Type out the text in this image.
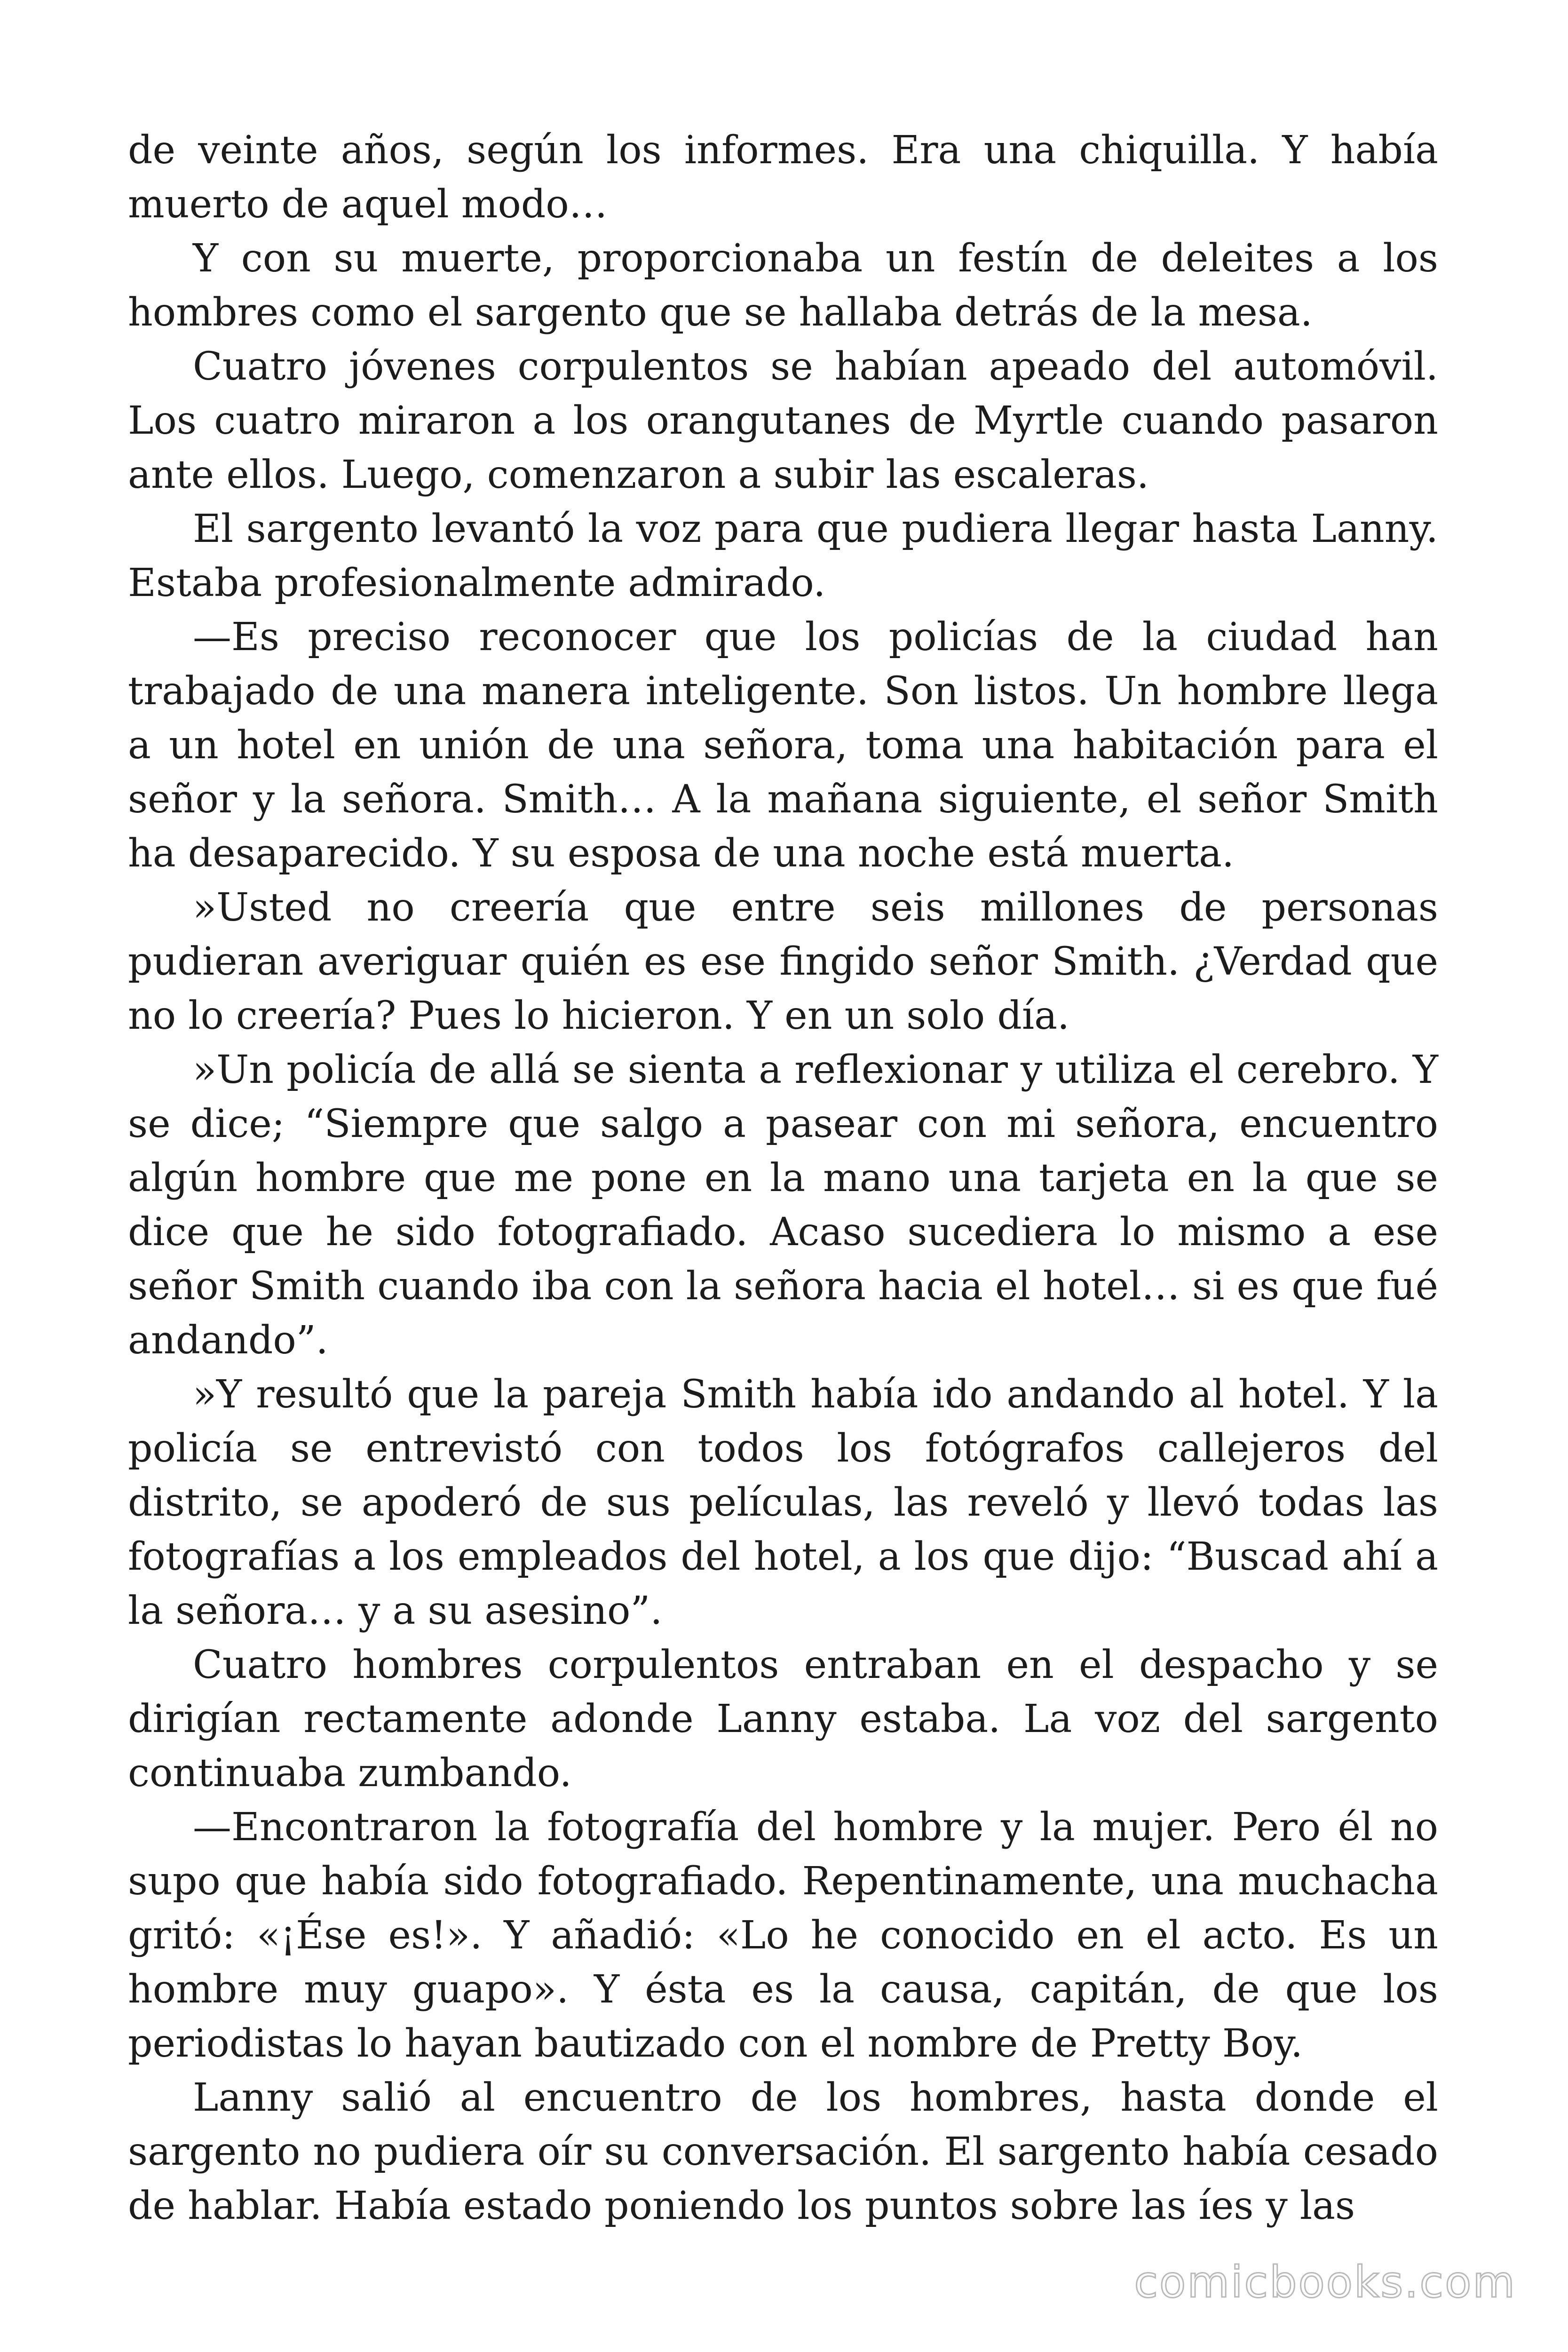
de veinte años, según los informes. Era una chiquilla. Y había muerto de aquel modo…

Y con su muerte, proporcionaba un festín de deleites a los hombres como el sargento que se hallaba detrás de la mesa.

Cuatro jóvenes corpulentos se habían apeado del automóvil. Los cuatro miraron a los orangutanes de Myrtle cuando pasaron ante ellos. Luego, comenzaron a subir las escaleras.

El sargento levantó la voz para que pudiera llegar hasta Lanny. Estaba profesionalmente admirado.

—Es preciso reconocer que los policías de la ciudad han trabajado de una manera inteligente. Son listos. Un hombre llega a un hotel en unión de una señora, toma una habitación para el señor y la señora. Smith… A la mañana siguiente, el señor Smith ha desaparecido. Y su esposa de una noche está muerta.

»Usted no creería que entre seis millones de personas pudieran averiguar quién es ese fingido señor Smith. ¿Verdad que no lo creería? Pues lo hicieron. Y en un solo día.

»Un policía de allá se sienta a reflexionar y utiliza el cerebro. Y se dice; “Siempre que salgo a pasear con mi señora, encuentro algún hombre que me pone en la mano una tarjeta en la que se dice que he sido fotografiado. Acaso sucediera lo mismo a ese señor Smith cuando iba con la señora hacia el hotel… si es que fué andando”.

»Y resultó que la pareja Smith había ido andando al hotel. Y la policía se entrevistó con todos los fotógrafos callejeros del distrito, se apoderó de sus películas, las reveló y llevó todas las fotografías a los empleados del hotel, a los que dijo: “Buscad ahí a la señora… y a su asesino”.

Cuatro hombres corpulentos entraban en el despacho y se dirigían rectamente adonde Lanny estaba. La voz del sargento continuaba zumbando.

—Encontraron la fotografía del hombre y la mujer. Pero él no supo que había sido fotografiado. Repentinamente, una muchacha gritó: «¡Ése es!». Y añadió: «Lo he conocido en el acto. Es un hombre muy guapo». Y ésta es la causa, capitán, de que los periodistas lo hayan bautizado con el nombre de Pretty Boy.

Lanny salió al encuentro de los hombres, hasta donde el sargento no pudiera oír su conversación. El sargento había cesado de hablar. Había estado poniendo los puntos sobre las íes y las

comicbooks.com
